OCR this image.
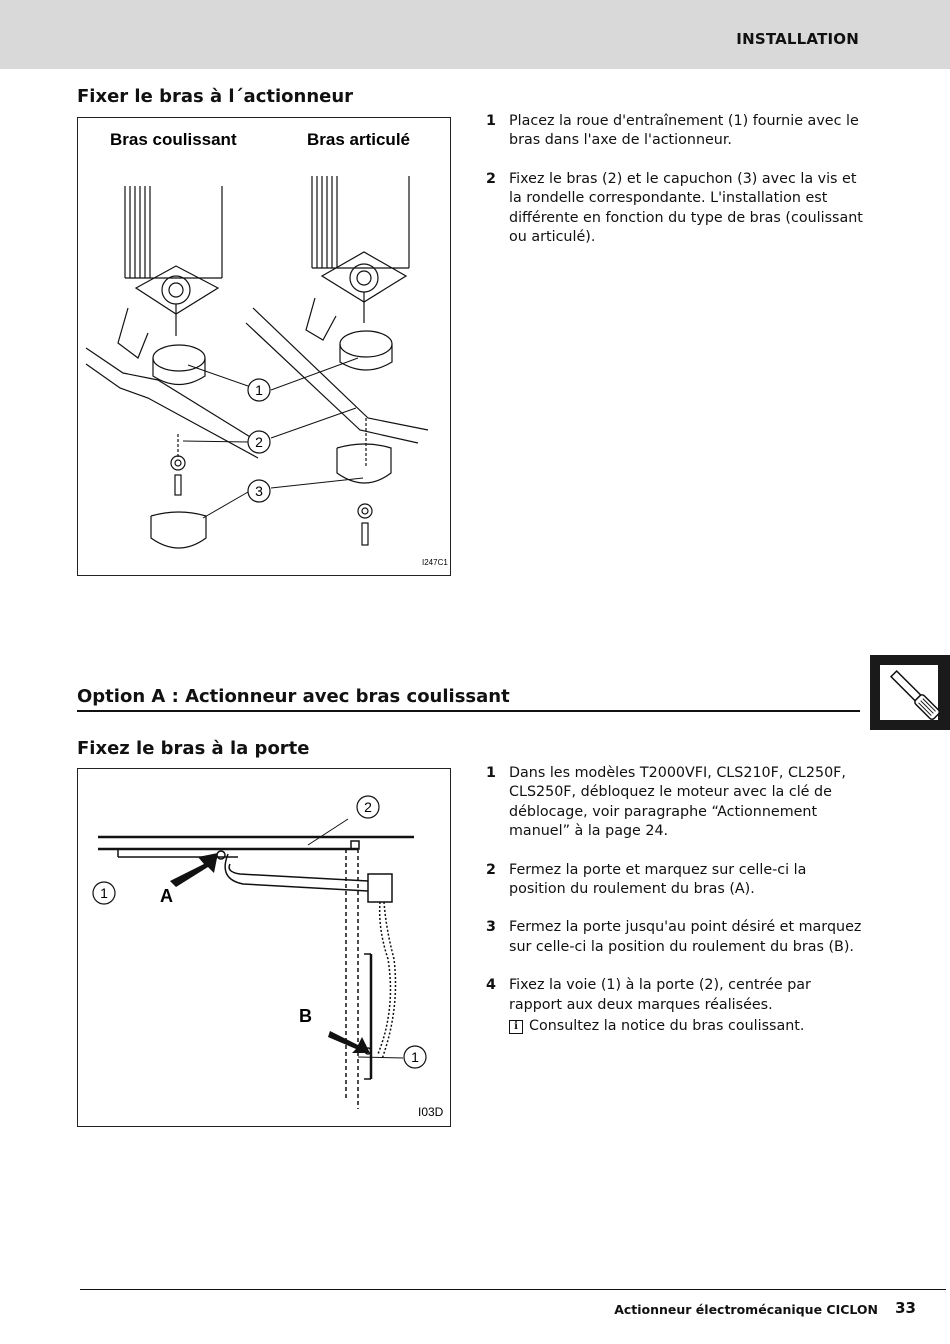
INSTALLATION
Fixer le bras à l´actionneur
Bras coulissant	Bras articulé
1
2
3
I247C1
1 Placez la roue d'entraînement (1) fournie avec le bras dans l'axe de l'actionneur.
2 Fixez le bras (2) et le capuchon (3) avec la vis et la rondelle correspondante. L'installation est différente en fonction du type de bras (coulissant ou articulé).
Option A : Actionneur avec bras coulissant
Fixez le bras à la porte
1
2
1
A
B
I03D
1 Dans les modèles T2000VFI, CLS210F, CL250F, CLS250F, débloquez le moteur avec la clé de déblocage, voir paragraphe “Actionnement manuel” à la page 24.
2 Fermez la porte et marquez sur celle-ci la position du roulement du bras (A).
3 Fermez la porte jusqu'au point désiré et marquez sur celle-ci la position du roulement du bras (B).
4 Fixez la voie (1) à la porte (2), centrée par rapport aux deux marques réalisées.
i Consultez la notice du bras coulissant.
Actionneur électromécanique CICLON 33
